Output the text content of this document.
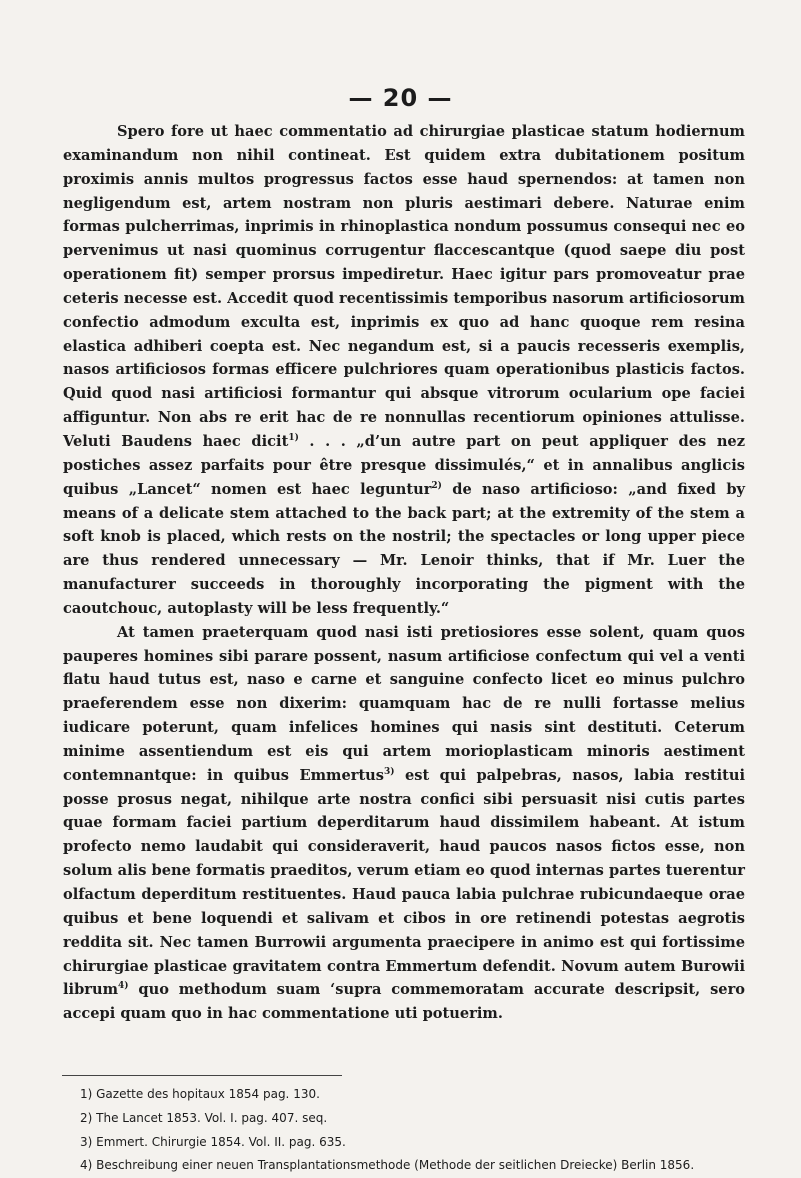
— 20 —

Spero fore ut haec commentatio ad chirurgiae plasticae statum hodiernum examinandum non nihil contineat. Est quidem extra dubitationem positum proximis annis multos progressus factos esse haud spernendos: at tamen non negligendum est, artem nostram non pluris aestimari debere. Naturae enim formas pulcherrimas, inprimis in rhinoplastica nondum possumus consequi nec eo pervenimus ut nasi quominus corrugentur flaccescantque (quod saepe diu post operationem fit) semper prorsus impediretur. Haec igitur pars promoveatur prae ceteris necesse est. Accedit quod recentissimis temporibus nasorum artificiosorum confectio admodum exculta est, inprimis ex quo ad hanc quoque rem resina elastica adhiberi coepta est. Nec negandum est, si a paucis recesseris exemplis, nasos artificiosos formas efficere pulchriores quam operationibus plasticis factos. Quid quod nasi artificiosi formantur qui absque vitrorum ocularium ope faciei affiguntur. Non abs re erit hac de re nonnullas recentiorum opiniones attulisse. Veluti Baudens haec dicit$^{1)}$ . . . „d’un autre part on peut appliquer des nez postiches assez parfaits pour être presque dissimulés,“ et in annalibus anglicis quibus „Lancet“ nomen est haec leguntur$^{2)}$ de naso artificioso: „and fixed by means of a delicate stem attached to the back part; at the extremity of the stem a soft knob is placed, which rests on the nostril; the spectacles or long upper piece are thus rendered unnecessary — Mr. Lenoir thinks, that if Mr. Luer the manufacturer succeeds in thoroughly incorporating the pigment with the caoutchouc, autoplasty will be less frequently.“

At tamen praeterquam quod nasi isti pretiosiores esse solent, quam quos pauperes homines sibi parare possent, nasum artificiose confectum qui vel a venti flatu haud tutus est, naso e carne et sanguine confecto licet eo minus pulchro praeferendem esse non dixerim: quamquam hac de re nulli fortasse melius iudicare poterunt, quam infelices homines qui nasis sint destituti. Ceterum minime assentiendum est eis qui artem morioplasticam minoris aestiment contemnantque: in quibus Emmertus$^{3)}$ est qui palpebras, nasos, labia restitui posse prosus negat, nihilque arte nostra confici sibi persuasit nisi cutis partes quae formam faciei partium deperditarum haud dissimilem habeant. At istum profecto nemo laudabit qui consideraverit, haud paucos nasos fictos esse, non solum alis bene formatis praeditos, verum etiam eo quod internas partes tuerentur olfactum deperditum restituentes. Haud pauca labia pulchrae rubicundaeque orae quibus et bene loquendi et salivam et cibos in ore retinendi potestas aegrotis reddita sit. Nec tamen Burrowii argumenta praecipere in animo est qui fortissime chirurgiae plasticae gravitatem contra Emmertum defendit. Novum autem Burowii librum$^{4)}$ quo methodum suam ‘supra commemoratam accurate descripsit, sero accepi quam quo in hac commentatione uti potuerim.

1) Gazette des hopitaux 1854 pag. 130.
2) The Lancet 1853. Vol. I. pag. 407. seq.
3) Emmert. Chirurgie 1854. Vol. II. pag. 635.
4) Beschreibung einer neuen Transplantationsmethode (Methode der seitlichen Dreiecke) Berlin 1856.
